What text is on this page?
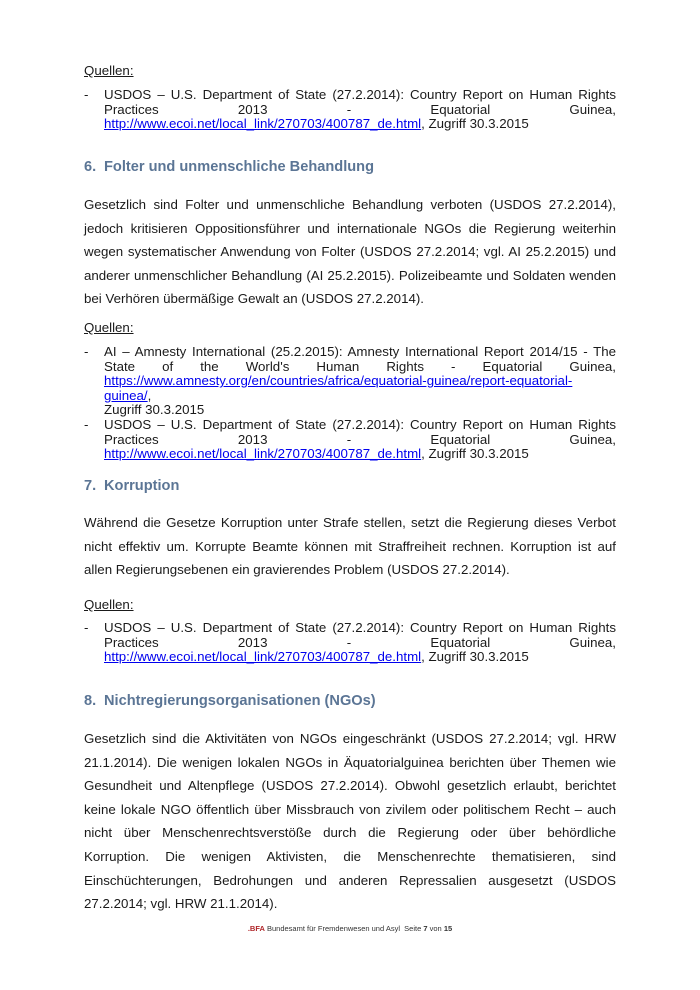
Quellen:
- USDOS – U.S. Department of State (27.2.2014): Country Report on Human Rights
Practices 2013 - Equatorial Guinea,
http://www.ecoi.net/local_link/270703/400787_de.html, Zugriff 30.3.2015
6. Folter und unmenschliche Behandlung

Gesetzlich sind Folter und unmenschliche Behandlung verboten (USDOS 27.2.2014), jedoch kritisieren Oppositionsführer und internationale NGOs die Regierung weiterhin wegen systematischer Anwendung von Folter (USDOS 27.2.2014; vgl. AI 25.2.2015) und anderer unmenschlicher Behandlung (AI 25.2.2015). Polizeibeamte und Soldaten wenden bei Verhören übermäßige Gewalt an (USDOS 27.2.2014).

Quellen:
- AI – Amnesty International (25.2.2015): Amnesty International Report 2014/15 - The
State of the World's Human Rights - Equatorial Guinea,
https://www.amnesty.org/en/countries/africa/equatorial-guinea/report-equatorial-guinea/,
Zugriff 30.3.2015
- USDOS – U.S. Department of State (27.2.2014): Country Report on Human Rights
Practices 2013 - Equatorial Guinea,
http://www.ecoi.net/local_link/270703/400787_de.html, Zugriff 30.3.2015
7. Korruption

Während die Gesetze Korruption unter Strafe stellen, setzt die Regierung dieses Verbot nicht effektiv um. Korrupte Beamte können mit Straffreiheit rechnen. Korruption ist auf allen Regierungsebenen ein gravierendes Problem (USDOS 27.2.2014).

Quellen:
- USDOS – U.S. Department of State (27.2.2014): Country Report on Human Rights
Practices 2013 - Equatorial Guinea,
http://www.ecoi.net/local_link/270703/400787_de.html, Zugriff 30.3.2015
8. Nichtregierungsorganisationen (NGOs)

Gesetzlich sind die Aktivitäten von NGOs eingeschränkt (USDOS 27.2.2014; vgl. HRW 21.1.2014). Die wenigen lokalen NGOs in Äquatorialguinea berichten über Themen wie Gesundheit und Altenpflege (USDOS 27.2.2014). Obwohl gesetzlich erlaubt, berichtet keine lokale NGO öffentlich über Missbrauch von zivilem oder politischem Recht – auch nicht über Menschenrechtsverstöße durch die Regierung oder über behördliche Korruption. Die wenigen Aktivisten, die Menschenrechte thematisieren, sind Einschüchterungen, Bedrohungen und anderen Repressalien ausgesetzt (USDOS 27.2.2014; vgl. HRW 21.1.2014).

.BFA Bundesamt für Fremdenwesen und Asyl Seite 7 von 15
